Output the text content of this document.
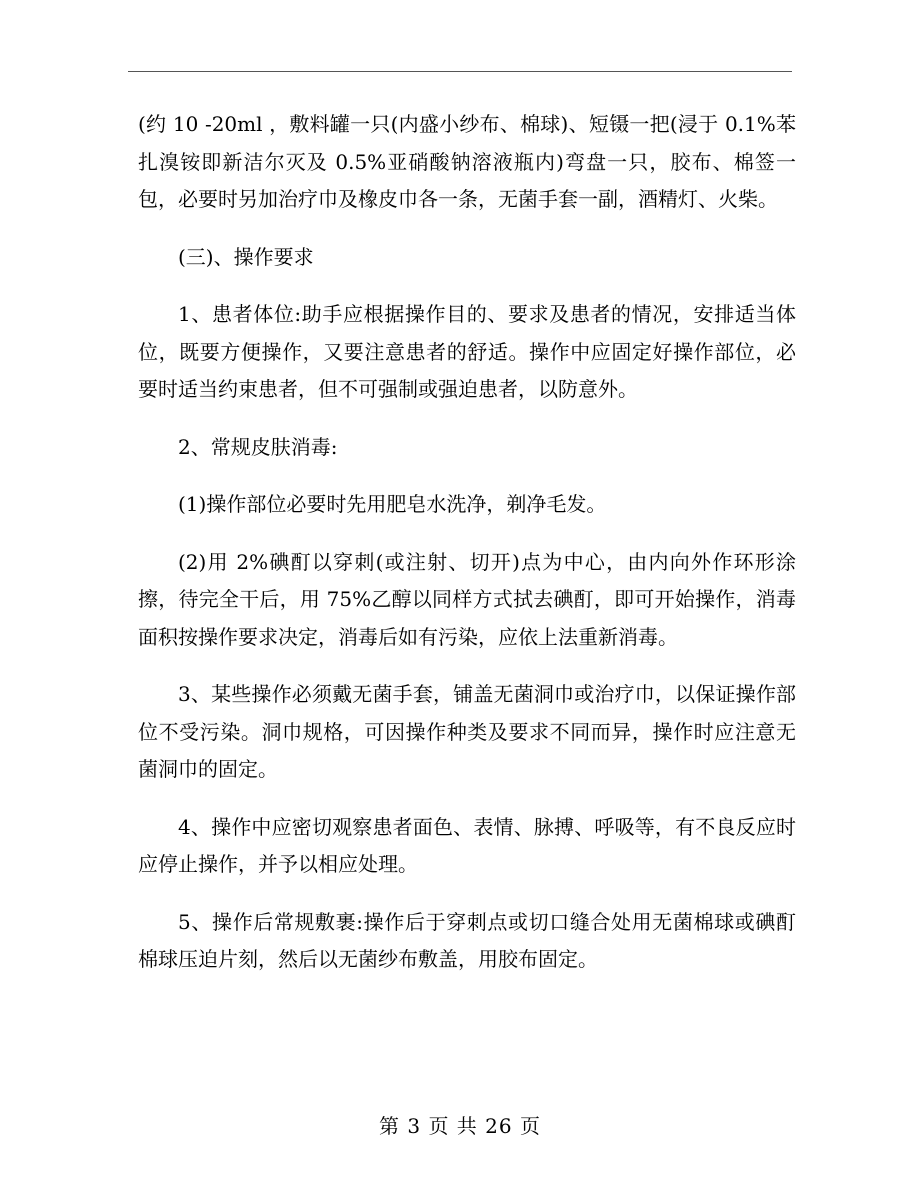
(约 10 -20ml ，敷料罐一只(内盛小纱布、棉球)、短镊一把(浸于 0.1%苯扎溴铵即新洁尔灭及 0.5%亚硝酸钠溶液瓶内)弯盘一只，胶布、棉签一包，必要时另加治疗巾及橡皮巾各一条，无菌手套一副，酒精灯、火柴。

(三)、操作要求

1、患者体位:助手应根据操作目的、要求及患者的情况，安排适当体位，既要方便操作，又要注意患者的舒适。操作中应固定好操作部位，必要时适当约束患者，但不可强制或强迫患者，以防意外。

2、常规皮肤消毒:

(1)操作部位必要时先用肥皂水洗净，剃净毛发。

(2)用 2%碘酊以穿刺(或注射、切开)点为中心，由内向外作环形涂擦，待完全干后，用 75%乙醇以同样方式拭去碘酊，即可开始操作，消毒面积按操作要求决定，消毒后如有污染，应依上法重新消毒。

3、某些操作必须戴无菌手套，铺盖无菌洞巾或治疗巾，以保证操作部位不受污染。洞巾规格，可因操作种类及要求不同而异，操作时应注意无菌洞巾的固定。

4、操作中应密切观察患者面色、表情、脉搏、呼吸等，有不良反应时应停止操作，并予以相应处理。

5、操作后常规敷裹:操作后于穿刺点或切口缝合处用无菌棉球或碘酊棉球压迫片刻，然后以无菌纱布敷盖，用胶布固定。

第 3 页 共 26 页
